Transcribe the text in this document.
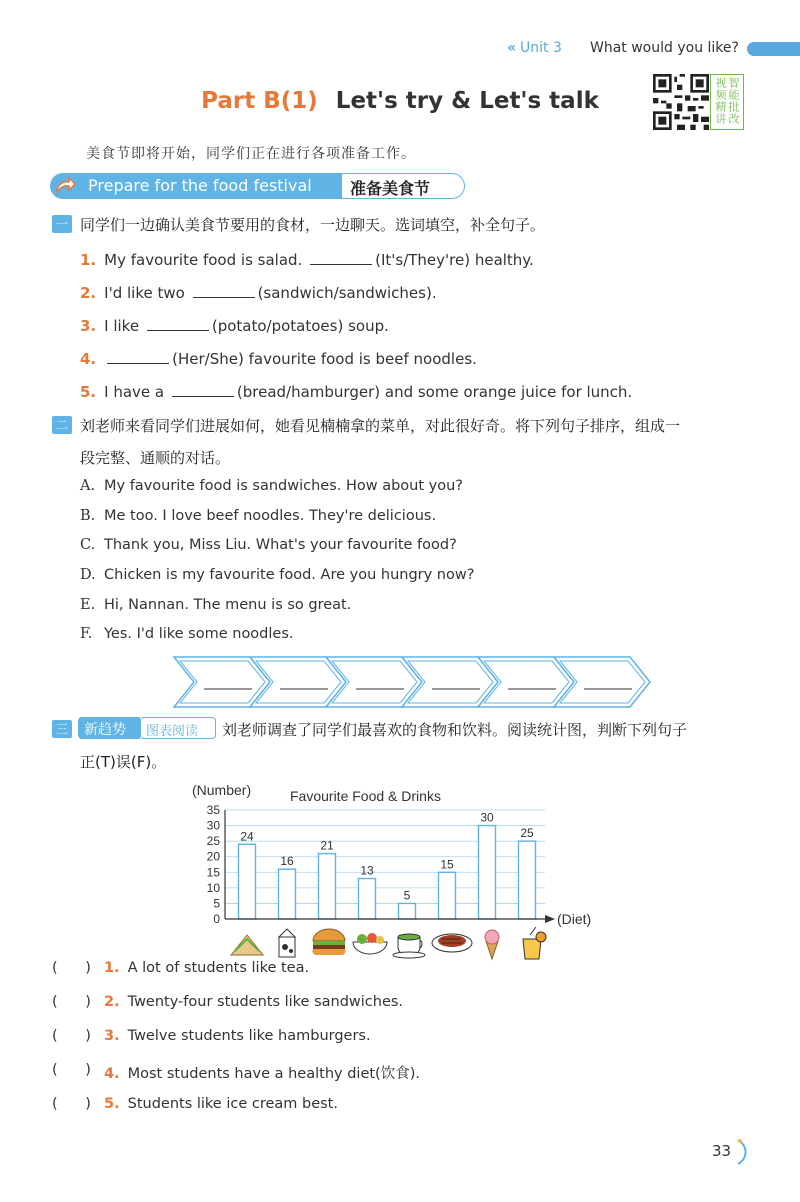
« Unit 3 What would you like?
Part B(1) Let's try & Let's talk	智能批改视频精讲
美食节即将开始，同学们正在进行各项准备工作。
Prepare for the food festival 准备美食节
一 同学们一边确认美食节要用的食材，一边聊天。选词填空，补全句子。
1. My favourite food is salad.	(It's/They're) healthy.
2. I'd like two	(sandwich/sandwiches).
3. I like	(potato/potatoes) soup.
4.	(Her/She) favourite food is beef noodles.
5. I have a	(bread/hamburger) and some orange juice for lunch.
二 刘老师来看同学们进展如何，她看见楠楠拿的菜单，对此很好奇。将下列句子排序，组成一
段完整、通顺的对话。
A. My favourite food is sandwiches. How about you?
B. Me too. I love beef noodles. They're delicious.
C. Thank you, Miss Liu. What's your favourite food?
D. Chicken is my favourite food. Are you hungry now?
E. Hi, Nannan. The menu is so great.
F. Yes. I'd like some noodles.
三 新趋势 图表阅读 刘老师调查了同学们最喜欢的食物和饮料。阅读统计图，判断下列句子
正(T)误(F)。
(Number)	Favourite Food & Drinks
0
5
10
15
20
25
30
35
24
16
21
13
5
15
30
25
(Diet)
(      ) 1. A lot of students like tea.
(      ) 2. Twenty-four students like sandwiches.
(      ) 3. Twelve students like hamburgers.
(      ) 4. Most students have a healthy diet(饮食).
(      ) 5. Students like ice cream best.
33
